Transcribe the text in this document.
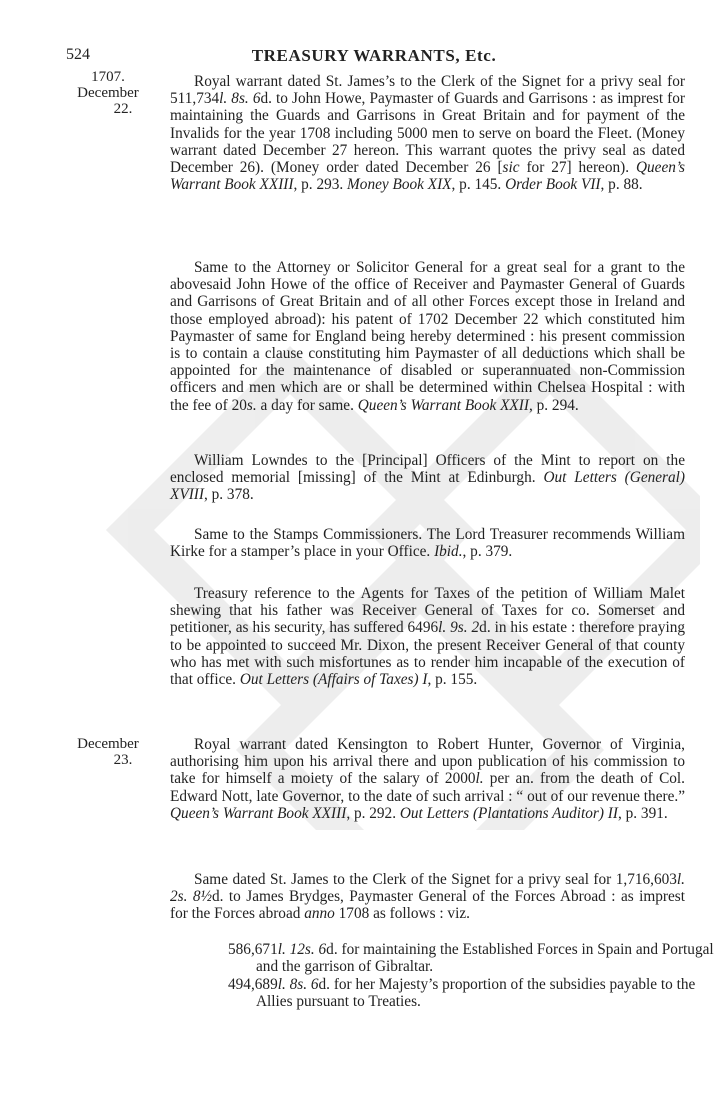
524	TREASURY WARRANTS, Etc.
1707.
December
22.
December
23.

Royal warrant dated St. James’s to the Clerk of the Signet for a privy seal for 511,734l. 8s. 6d. to John Howe, Paymaster of Guards and Garrisons : as imprest for maintaining the Guards and Garrisons in Great Britain and for payment of the Invalids for the year 1708 including 5000 men to serve on board the Fleet. (Money warrant dated December 27 hereon. This warrant quotes the privy seal as dated December 26). (Money order dated December 26 [sic for 27] hereon). Queen’s Warrant Book XXIII, p. 293. Money Book XIX, p. 145. Order Book VII, p. 88.

Same to the Attorney or Solicitor General for a great seal for a grant to the abovesaid John Howe of the office of Receiver and Paymaster General of Guards and Garrisons of Great Britain and of all other Forces except those in Ireland and those employed abroad): his patent of 1702 December 22 which constituted him Paymaster of same for England being hereby determined : his present commission is to contain a clause constituting him Paymaster of all deductions which shall be appointed for the maintenance of disabled or superannuated non-Commission officers and men which are or shall be determined within Chelsea Hospital : with the fee of 20s. a day for same. Queen’s Warrant Book XXII, p. 294.

William Lowndes to the [Principal] Officers of the Mint to report on the enclosed memorial [missing] of the Mint at Edinburgh. Out Letters (General) XVIII, p. 378.

Same to the Stamps Commissioners. The Lord Treasurer recommends William Kirke for a stamper’s place in your Office. Ibid., p. 379.

Treasury reference to the Agents for Taxes of the petition of William Malet shewing that his father was Receiver General of Taxes for co. Somerset and petitioner, as his security, has suffered 6496l. 9s. 2d. in his estate : therefore praying to be appointed to succeed Mr. Dixon, the present Receiver General of that county who has met with such misfortunes as to render him incapable of the execution of that office. Out Letters (Affairs of Taxes) I, p. 155.

Royal warrant dated Kensington to Robert Hunter, Governor of Virginia, authorising him upon his arrival there and upon publication of his commission to take for himself a moiety of the salary of 2000l. per an. from the death of Col. Edward Nott, late Governor, to the date of such arrival : “ out of our revenue there.” Queen’s Warrant Book XXIII, p. 292. Out Letters (Plantations Auditor) II, p. 391.

Same dated St. James to the Clerk of the Signet for a privy seal for 1,716,603l. 2s. 8½d. to James Brydges, Paymaster General of the Forces Abroad : as imprest for the Forces abroad anno 1708 as follows : viz.

586,671l. 12s. 6d. for maintaining the Established Forces in Spain and Portugal and the garrison of Gibraltar.

494,689l. 8s. 6d. for her Majesty’s proportion of the subsidies payable to the Allies pursuant to Treaties.
